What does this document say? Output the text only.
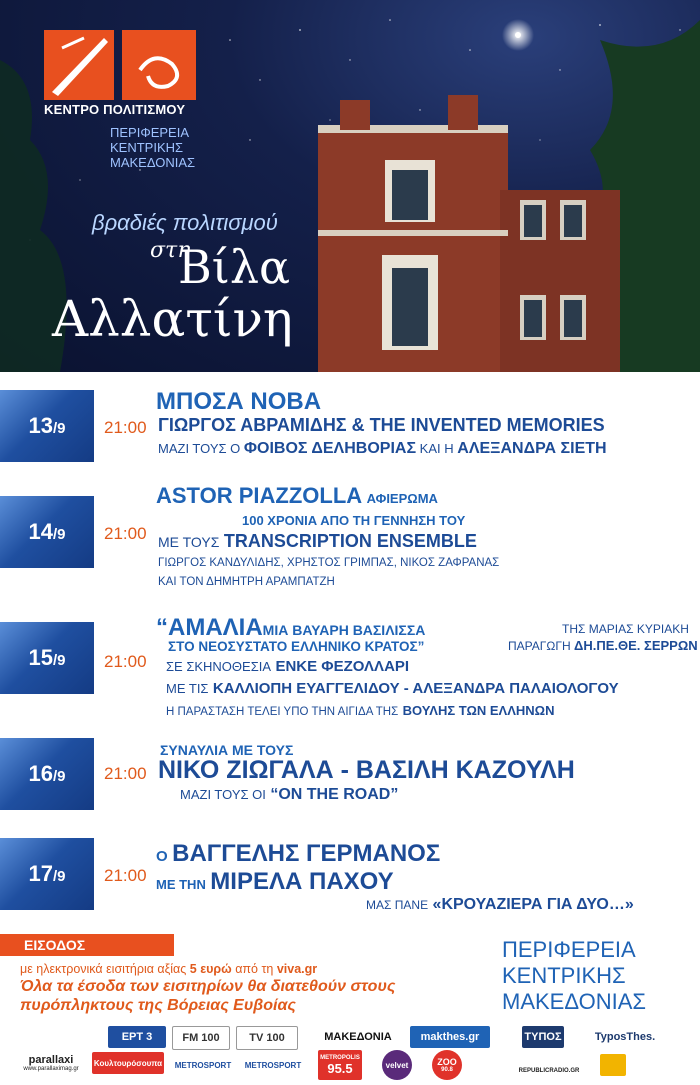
ΚΕΝΤΡΟ ΠΟΛΙΤΙΣΜΟΥ
ΠΕΡΙΦΕΡΕΙΑ
ΚΕΝΤΡΙΚΗΣ
ΜΑΚΕΔΟΝΙΑΣ
βραδιές πολιτισμού
στη
Βίλα
Αλλατίνη
13 /9 21:00
ΜΠΟΣΑ ΝΟΒΑ
ΓΙΩΡΓΟΣ ΑΒΡΑΜΙΔΗΣ & THE INVENTED MEMORIES
ΜΑΖΙ ΤΟΥΣ Ο ΦΟΙΒΟΣ ΔΕΛΗΒΟΡΙΑΣ ΚΑΙ Η ΑΛΕΞΑΝΔΡΑ ΣΙΕΤΗ
14 /9 21:00
ASTOR PIAZZOLLA ΑΦΙΕΡΩΜΑ
100 ΧΡΟΝΙΑ ΑΠΟ ΤΗ ΓΕΝΝΗΣΗ ΤΟΥ
ΜΕ ΤΟΥΣ TRANSCRIPTION ENSEMBLE
ΓΙΩΡΓΟΣ ΚΑΝΔΥΛΙΔΗΣ, ΧΡΗΣΤΟΣ ΓΡΙΜΠΑΣ, ΝΙΚΟΣ ΖΑΦΡΑΝΑΣ
ΚΑΙ ΤΟΝ ΔΗΜΗΤΡΗ ΑΡΑΜΠΑΤΖΗ
15 /9 21:00
“ΑΜΑΛΙΑΜΙΑ ΒΑΥΑΡΗ ΒΑΣΙΛΙΣΣΑ
ΣΤΟ ΝΕΟΣΥΣΤΑΤΟ ΕΛΛΗΝΙΚΟ ΚΡΑΤΟΣ”
ΤΗΣ ΜΑΡΙΑΣ ΚΥΡΙΑΚΗ
ΠΑΡΑΓΩΓΗ ΔΗ.ΠΕ.ΘΕ. ΣΕΡΡΩΝ
ΣΕ ΣΚΗΝΟΘΕΣΙΑ ΕΝΚΕ ΦΕΖΟΛΛΑΡΙ
ΜΕ ΤΙΣ ΚΑΛΛΙΟΠΗ ΕΥΑΓΓΕΛΙΔΟΥ - ΑΛΕΞΑΝΔΡΑ ΠΑΛΑΙΟΛΟΓΟΥ
Η ΠΑΡΑΣΤΑΣΗ ΤΕΛΕΙ ΥΠΟ ΤΗΝ ΑΙΓΙΔΑ ΤΗΣ ΒΟΥΛΗΣ ΤΩΝ ΕΛΛΗΝΩΝ
16 /9 21:00
ΣΥΝΑΥΛΙΑ ΜΕ ΤΟΥΣ
ΝΙΚΟ ΖΙΩΓΑΛΑ - ΒΑΣΙΛΗ ΚΑΖΟΥΛΗ
ΜΑΖΙ ΤΟΥΣ ΟΙ “ON THE ROAD”
17 /9 21:00
Ο ΒΑΓΓΕΛΗΣ ΓΕΡΜΑΝΟΣ
ΜΕ ΤΗΝ ΜΙΡΕΛΑ ΠΑΧΟΥ
ΜΑΣ ΠΑΝΕ «ΚΡΟΥΑΖΙΕΡΑ ΓΙΑ ΔΥΟ…»
ΕΙΣΟΔΟΣ
με ηλεκτρονικά εισιτήρια αξίας 5 ευρώ από τη viva.gr
Όλα τα έσοδα των εισιτηρίων θα διατεθούν στους
πυρόπληκτους της Βόρειας Ευβοίας
ΠΕΡΙΦΕΡΕΙΑ
ΚΕΝΤΡΙΚΗΣ
ΜΑΚΕΔΟΝΙΑΣ
ΕΡΤ 3	FM 100	TV 100	ΜΑΚΕΔΟΝΙΑ	makthes.gr	ΤΥΠΟΣ	TyposThes.
parallaxi
www.parallaximag.gr
Κουλτουρόσουπα	METROSPORT	METROSPORT
METROPOLIS
95.5	velvet	ZOO
90.8	REPUBLICRADIO.GR
